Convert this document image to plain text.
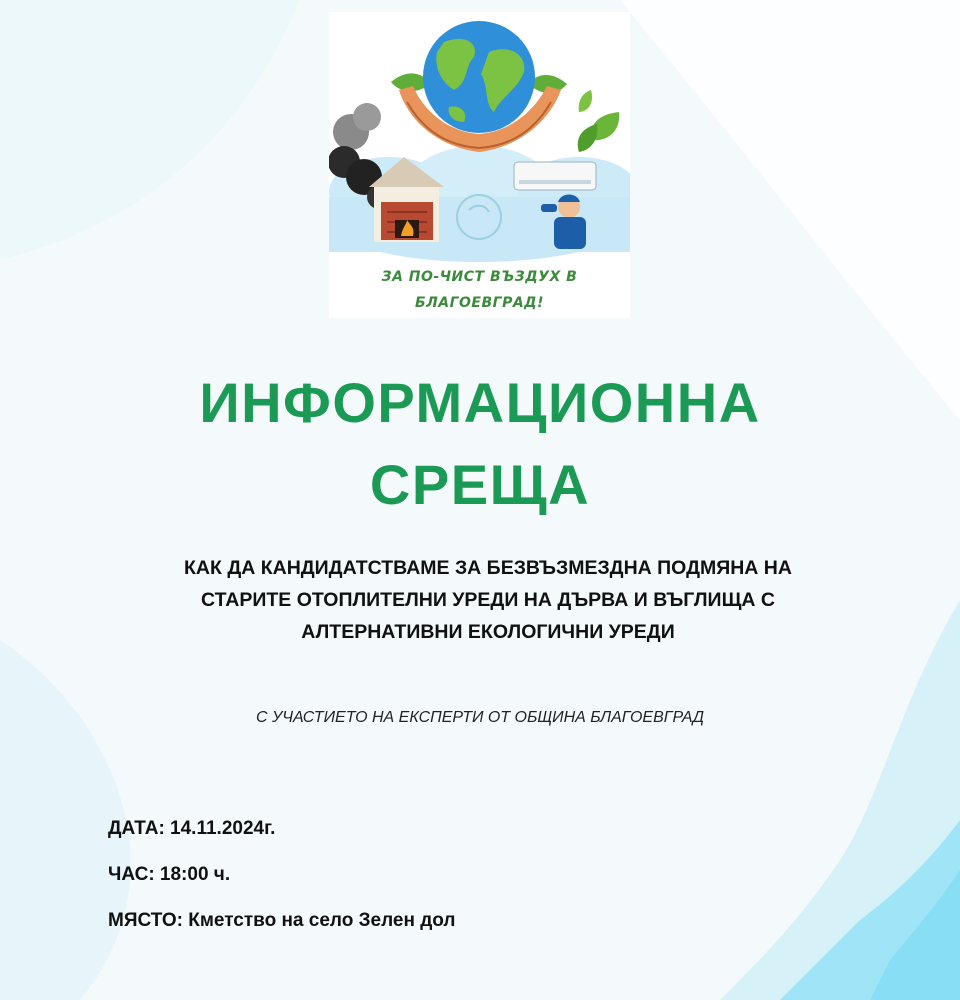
ЗА ПО-ЧИСТ ВЪЗДУХ В
БЛАГОЕВГРАД!
ИНФОРМАЦИОННА
СРЕЩА
КАК ДА КАНДИДАТСТВАМЕ ЗА БЕЗВЪЗМЕЗДНА ПОДМЯНА НА
СТАРИТЕ ОТОПЛИТЕЛНИ УРЕДИ НА ДЪРВА И ВЪГЛИЩА С
АЛТЕРНАТИВНИ ЕКОЛОГИЧНИ УРЕДИ
С УЧАСТИЕТО НА ЕКСПЕРТИ ОТ ОБЩИНА БЛАГОЕВГРАД
ДАТА: 14.11.2024г.
ЧАС: 18:00 ч.
МЯСТО: Кметство на село Зелен дол
